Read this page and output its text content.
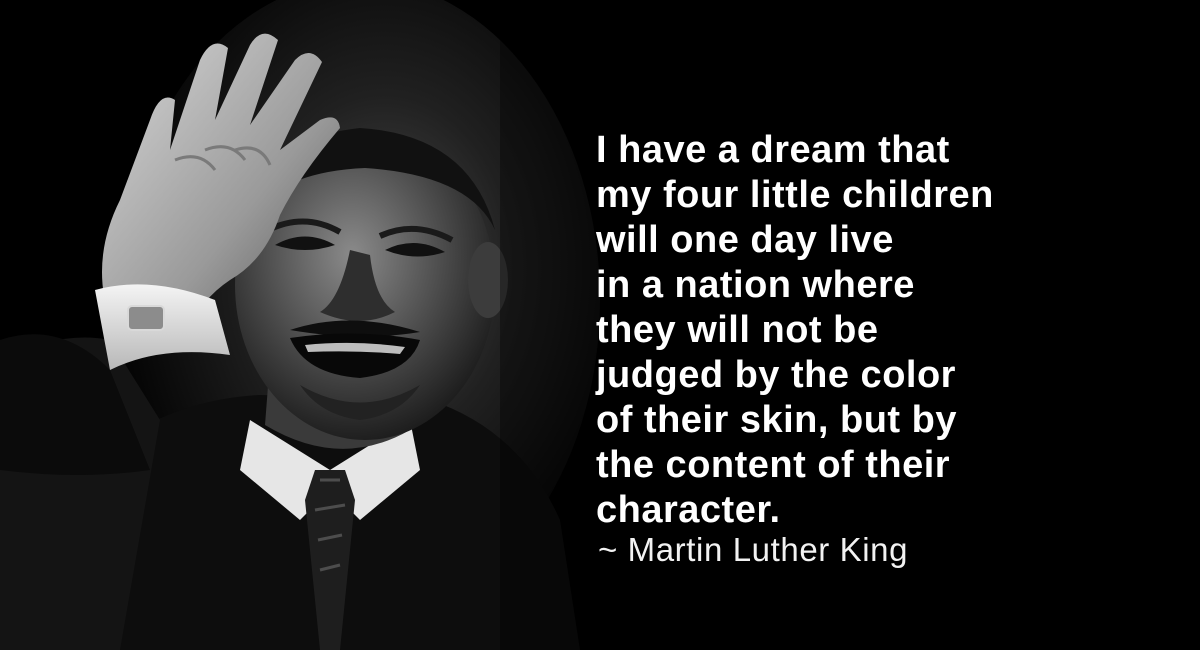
I have a dream that
my four little children
will one day live
in a nation where
they will not be
judged by the color
of their skin, but by
the content of their
character.
~ Martin Luther King
